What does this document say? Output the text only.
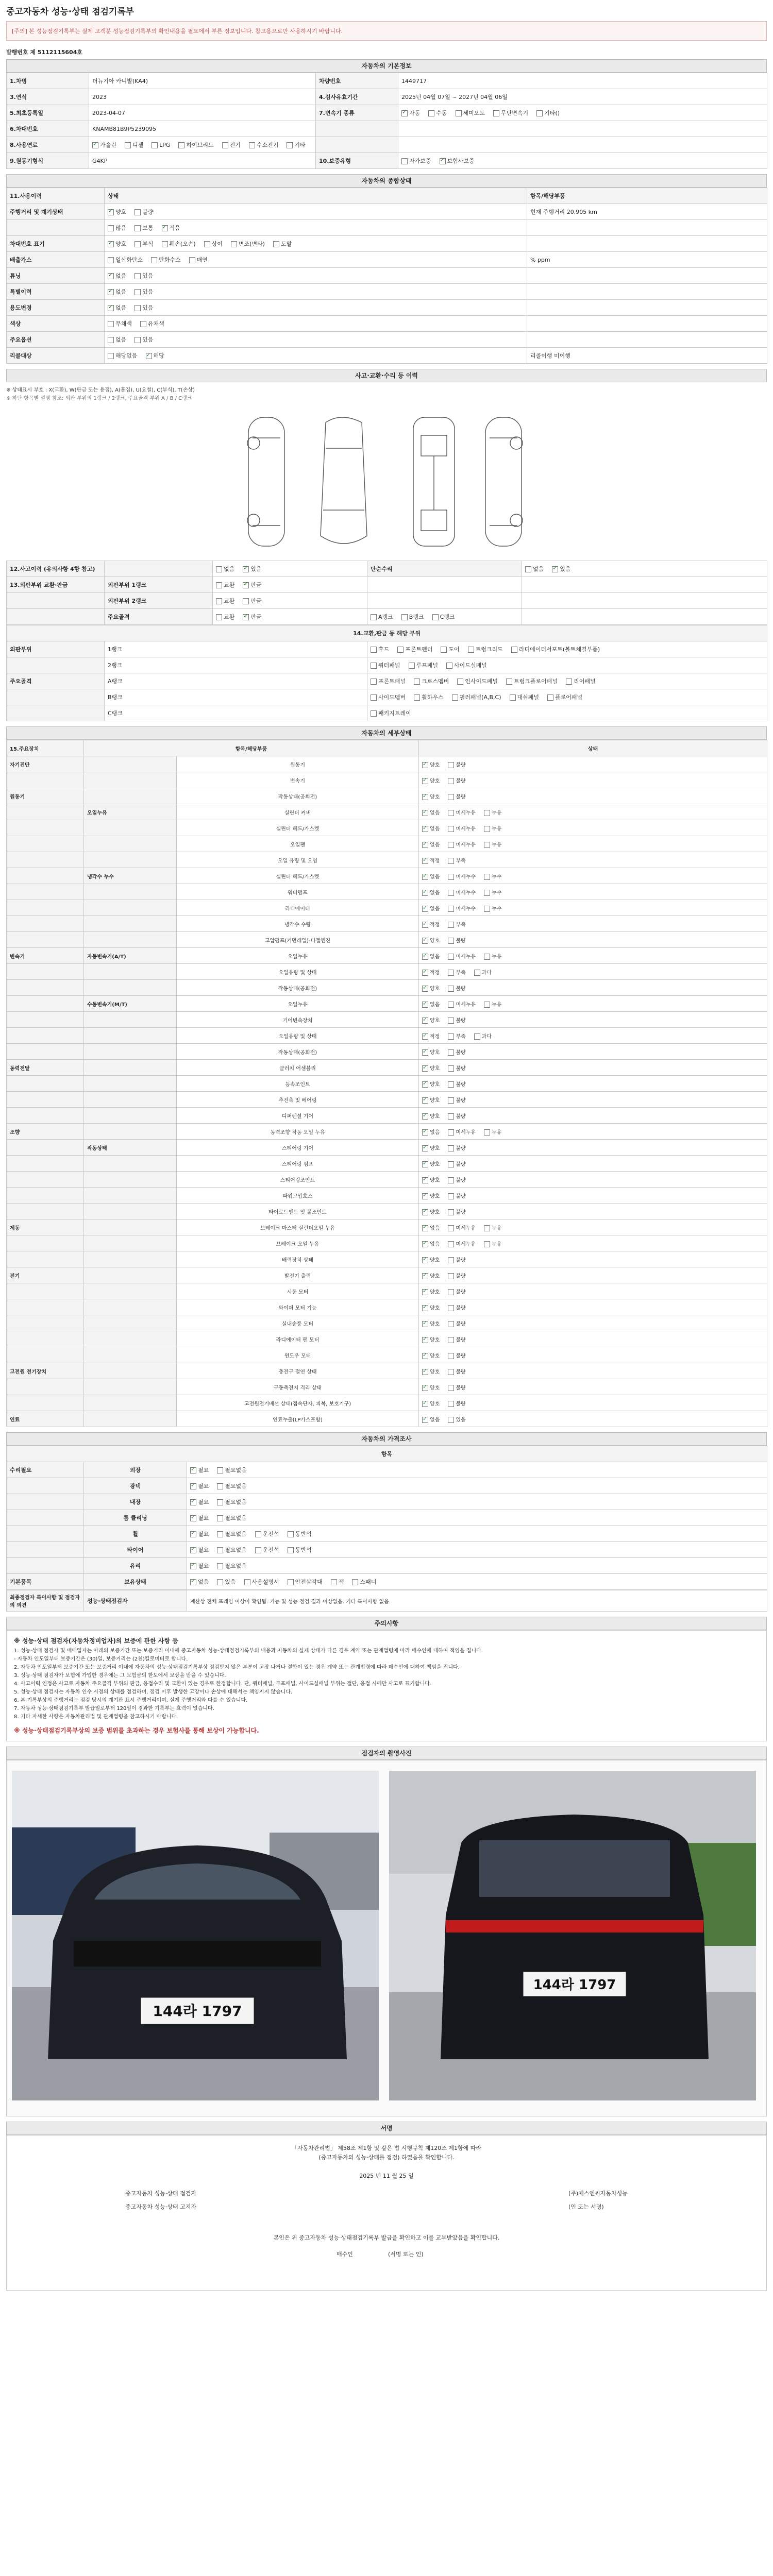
중고자동차 성능·상태 점검기록부
[주의] 본 성능점검기록부는 실제 고객분 성능점검기록부의 확인내용을 필요에서 부른 정보입니다. 참고용으로만 사용하시기 바랍니다.
발행번호 제 5112115604호
자동차의 기본정보
1.차명	더뉴기아 카니발(KA4)	차량번호	1449717
3.연식	2023	4.검사유효기간	2025년 04월 07일 ~ 2027년 04월 06일
5.최초등록일	2023-04-07	7.변속기 종류	✓자동 수동 세미오토 무단변속기 기타()
6.차대번호	KNAMB81B9P5239095		
8.사용연료	✓가솔린 디젤 LPG 하이브리드 전기 수소전기 기타		
9.원동기형식	G4KP	10.보증유형	자가보증 ✓ 보험사보증
자동차의 종합상태
11.사용이력	상태	항목/해당부품
주행거리 및 계기상태	✓양호 불량	현재 주행거리 20,905 km
	많음 보통 ✓ 적음	
차대번호 표기	✓양호 부식 훼손(오손) 상이 변조(변타) 도말	
배출가스	일산화탄소 탄화수소 매연	% ppm
튜닝	✓없음 있음	
특별이력	✓없음 있음	
용도변경	✓없음 있음	
색상	무채색 유채색	
주요옵션	없음 있음	
리콜대상	해당없음 ✓ 해당	리콜이행 미이행
사고·교환·수리 등 이력
※ 상태표시 부호 : X(교환), W(판금 또는 용접), A(흠집), U(요철), C(부식), T(손상)
※ 하단 항목별 설명 참조: 외판 부위의 1랭크 / 2랭크, 주요골격 부위 A / B / C랭크
12.사고이력 (유의사항 4항 참고)		없음 ✓ 있음	단순수리	없음 ✓ 있음
13.외판부위 교환·판금	외판부위 1랭크	교환 ✓ 판금		
	외판부위 2랭크	교환 판금		
	주요골격	교환 ✓ 판금	A랭크 B랭크 C랭크	
14.교환,판금 등 해당 부위		
외판부위	1랭크	후드 프론트펜더 도어 트렁크리드 라디에이터서포트(볼트체결부품)
	2랭크	쿼터패널 루프패널 사이드실패널
주요골격	A랭크	프론트패널 크로스멤버 인사이드패널 트렁크플로어패널 리어패널
	B랭크	사이드멤버 휠하우스 필러패널(A,B,C) 대쉬패널 플로어패널
	C랭크	패키지트레이
자동차의 세부상태
15.주요장치	항목/해당부품		상태
자기진단		원동기	✓양호 불량
		변속기	✓양호 불량
원동기		작동상태(공회전)	✓양호 불량
	오일누유	실린더 커버	✓없음 미세누유 누유
		실린더 헤드/가스켓	✓없음 미세누유 누유
		오일팬	✓없음 미세누유 누유
		오일 유량 및 오염	✓적정 부족
	냉각수 누수	실린더 헤드/가스켓	✓없음 미세누수 누수
		워터펌프	✓없음 미세누수 누수
		라디에이터	✓없음 미세누수 누수
		냉각수 수량	✓적정 부족
		고압펌프(커먼레일)-디젤엔진	✓양호 불량
변속기	자동변속기(A/T)	오일누유	✓없음 미세누유 누유
		오일유량 및 상태	✓적정 부족 과다
		작동상태(공회전)	✓양호 불량
	수동변속기(M/T)	오일누유	✓없음 미세누유 누유
		기어변속장치	✓양호 불량
		오일유량 및 상태	✓적정 부족 과다
		작동상태(공회전)	✓양호 불량
동력전달		클러치 어셈블리	✓양호 불량
		등속조인트	✓양호 불량
		추진축 및 베어링	✓양호 불량
		디퍼렌셜 기어	✓양호 불량
조향		동력조향 작동 오일 누유	✓없음 미세누유 누유
	작동상태	스티어링 기어	✓양호 불량
		스티어링 펌프	✓양호 불량
		스티어링조인트	✓양호 불량
		파워고압호스	✓양호 불량
		타이로드엔드 및 볼조인트	✓양호 불량
제동		브레이크 마스터 실린더오일 누유	✓없음 미세누유 누유
		브레이크 오일 누유	✓없음 미세누유 누유
		배력장치 상태	✓양호 불량
전기		발전기 출력	✓양호 불량
		시동 모터	✓양호 불량
		와이퍼 모터 기능	✓양호 불량
		실내송풍 모터	✓양호 불량
		라디에이터 팬 모터	✓양호 불량
		윈도우 모터	✓양호 불량
고전원 전기장치		충전구 절연 상태	✓양호 불량
		구동축전지 격리 상태	✓양호 불량
		고전원전기배선 상태(접속단자, 피복, 보호기구)	✓양호 불량
연료		연료누출(LP가스포함)	✓없음 있음
자동차의 가격조사
항목		
수리필요	외장	✓필요 필요없음
	광택	✓필요 필요없음
	내장	✓필요 필요없음
	룸 클리닝	✓필요 필요없음
	휠	✓필요 필요없음 운전석 동반석
	타이어	✓필요 필요없음 운전석 동반석
	유리	✓필요 필요없음
기본품목	보유상태	✓없음 있음 사용설명서 안전삼각대 잭 스패너
최종점검자 특이사항 및 점검자의 의견	성능·상태점검자	계산상 전체 프레임 이상이 확인됨. 기능 및 성능 점검 결과 이상없음. 기타 특이사항 없음.
주의사항
※ 성능·상태 점검자(자동차정비업자)의 보증에 관한 사항 등
1. 성능·상태 점검자 및 매매업자는 아래의 보증기간 또는 보증거리 이내에 중고자동차 성능·상태점검기록부의 내용과 자동차의 실제 상태가 다른 경우 계약 또는 관계법령에 따라 매수인에 대하여 책임을 집니다.
- 자동차 인도일부터 보증기간은 (30)일, 보증거리는 (2천)킬로미터로 합니다.
2. 자동차 인도일부터 보증기간 또는 보증거리 이내에 자동차의 성능·상태점검기록부상 점검받지 않은 부분이 고장 나거나 결함이 있는 경우 계약 또는 관계법령에 따라 매수인에 대하여 책임을 집니다.
3. 성능·상태 점검자가 보험에 가입한 경우에는 그 보험금의 한도에서 보상을 받을 수 있습니다.
4. 사고이력 인정은 사고로 자동차 주요골격 부위의 판금, 용접수리 및 교환이 있는 경우로 한정합니다. 단, 쿼터패널, 루프패널, 사이드실패널 부위는 절단, 용접 시에만 사고로 표기합니다.
5. 성능·상태 점검자는 자동차 인수 시점의 상태를 점검하며, 점검 이후 발생한 고장이나 손상에 대해서는 책임지지 않습니다.
6. 본 기록부상의 주행거리는 점검 당시의 계기판 표시 주행거리이며, 실제 주행거리와 다를 수 있습니다.
7. 자동차 성능·상태점검기록부 발급일로부터 120일이 경과한 기록부는 효력이 없습니다.
8. 기타 자세한 사항은 자동차관리법 및 관계법령을 참고하시기 바랍니다.
※ 성능·상태점검기록부상의 보증 범위를 초과하는 경우 보험사를 통해 보상이 가능합니다.
점검자의 촬영사진
144라 1797
144라 1797
서명
「자동차관리법」 제58조 제1항 및 같은 법 시행규칙 제120조 제1항에 따라
(중고자동차의 성능·상태를 점검) 하였음을 확인합니다.
2025 년 11 월 25 일
중고자동차 성능·상태 점검자
중고자동차 성능·상태 고지자
(주)에스엔씨자동차성능
(인 또는 서명)
본인은 위 중고자동차 성능·상태점검기록부 발급을 확인하고 이를 교부받았음을 확인합니다.
매수인	(서명 또는 인)
